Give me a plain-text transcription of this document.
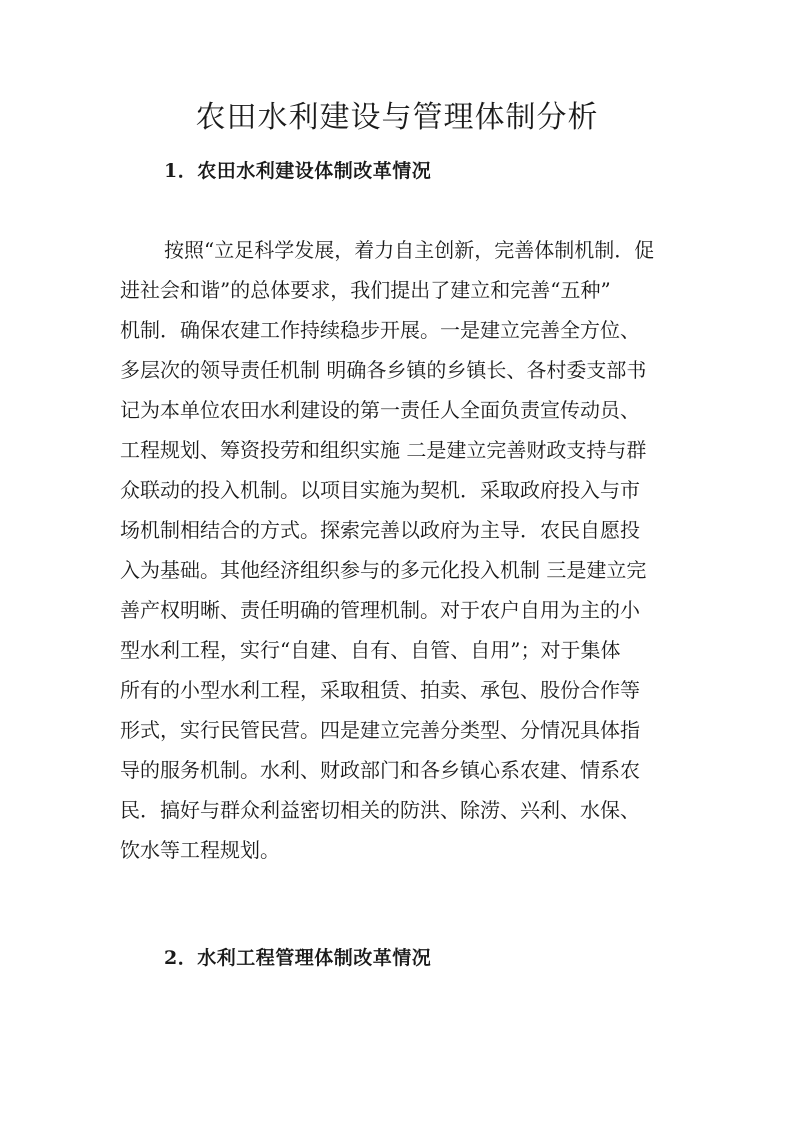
农田水利建设与管理体制分析
1．农田水利建设体制改革情况
按照“立足科学发展，着力自主创新，完善体制机制．促
进社会和谐”的总体要求，我们提出了建立和完善“五种”
机制．确保农建工作持续稳步开展。一是建立完善全方位、
多层次的领导责任机制 明确各乡镇的乡镇长、各村委支部书
记为本单位农田水利建设的第一责任人全面负责宣传动员、
工程规划、筹资投劳和组织实施 二是建立完善财政支持与群
众联动的投入机制。以项目实施为契机．采取政府投入与市
场机制相结合的方式。探索完善以政府为主导．农民自愿投
入为基础。其他经济组织参与的多元化投入机制 三是建立完
善产权明晰、责任明确的管理机制。对于农户自用为主的小
型水利工程，实行“自建、自有、自管、自用”；对于集体
所有的小型水利工程，采取租赁、拍卖、承包、股份合作等
形式，实行民管民营。四是建立完善分类型、分情况具体指
导的服务机制。水利、财政部门和各乡镇心系农建、情系农
民．搞好与群众利益密切相关的防洪、除涝、兴利、水保、
饮水等工程规划。
2．水利工程管理体制改革情况
